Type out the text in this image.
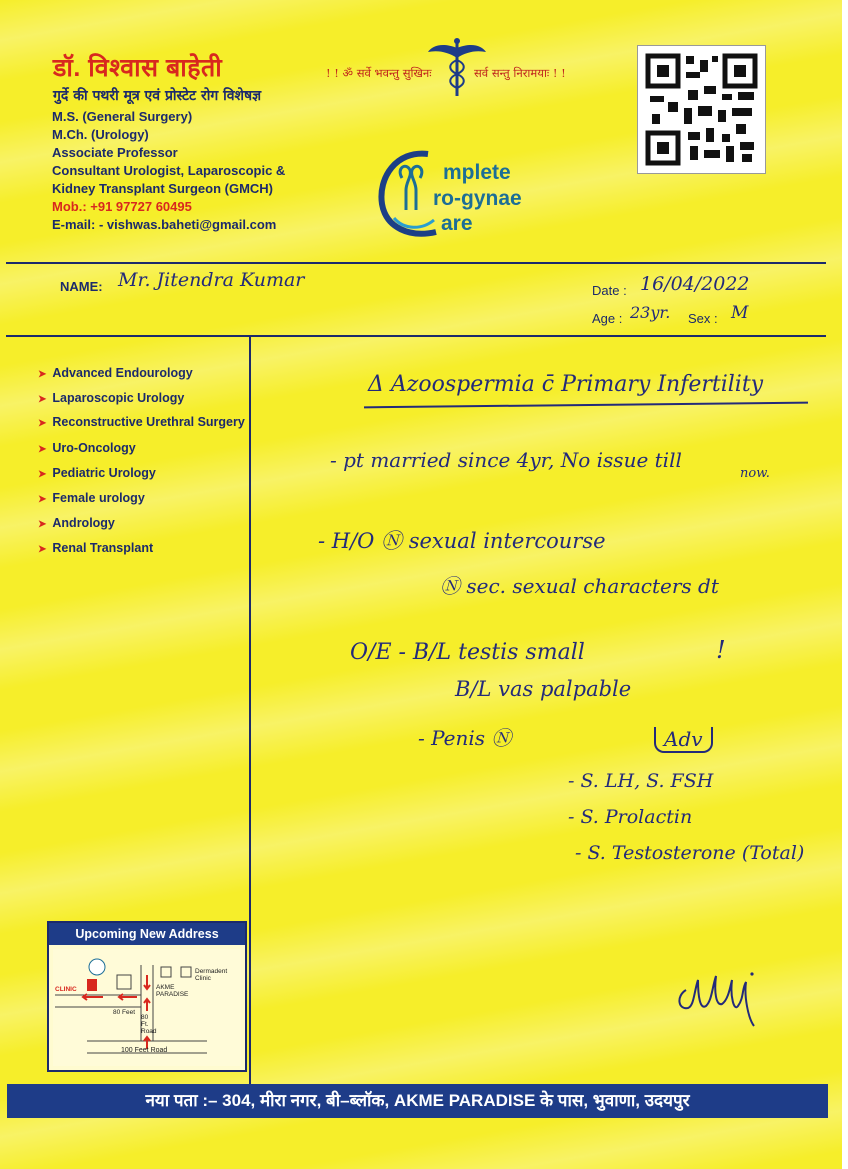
डॉ. विश्वास बाहेती
गुर्दे की पथरी मूत्र एवं प्रोस्टेट रोग विशेषज्ञ
M.S. (General Surgery)
M.Ch. (Urology)
Associate Professor
Consultant Urologist, Laparoscopic &
Kidney Transplant Surgeon (GMCH)
Mob.: +91 97727 60495
E-mail: - vishwas.baheti@gmail.com
! ! ॐ सर्वे भवन्तु सुखिनः	सर्व सन्तु निरामयाः ! !
mplete
ro-gynae
are
NAME: Mr. Jitendra Kumar	Date : 16/04/2022
Age : 23yr. Sex : M
➤ Advanced Endourology
➤ Laparoscopic Urology
➤ Reconstructive Urethral Surgery
➤ Uro-Oncology
➤ Pediatric Urology
➤ Female urology
➤ Andrology
➤ Renal Transplant
Δ Azoospermia c̄ Primary Infertility
- pt married since 4yr, No issue till
now.
- H/O Ⓝ sexual intercourse
Ⓝ sec. sexual characters dt
O/E - B/L testis small	!
B/L vas palpable
- Penis Ⓝ	Adv
- S. LH, S. FSH
- S. Prolactin
- S. Testosterone (Total)
Upcoming New Address
CLINIC
Dermadent Clinic
AKME PARADISE
80 Feet
80 Ft. Road
100 Feet Road
नया पता :– 304, मीरा नगर, बी–ब्लॉक, AKME PARADISE के पास, भुवाणा, उदयपुर
